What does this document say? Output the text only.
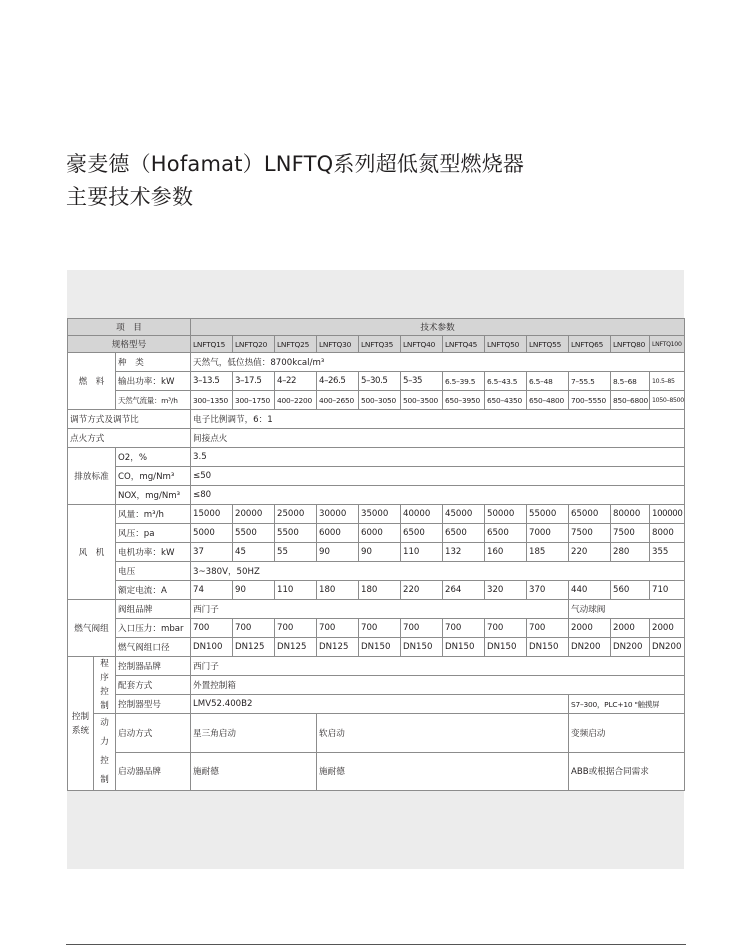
豪麦德（Hofamat）LNFTQ系列超低氮型燃烧器
主要技术参数
项　目			技术参数											
规格型号			LNFTQ15	LNFTQ20	LNFTQ25	LNFTQ30	LNFTQ35	LNFTQ40	LNFTQ45	LNFTQ50	LNFTQ55	LNFTQ65	LNFTQ80	LNFTQ100
燃　料		种　类	天然气，低位热值：8700kcal/m³											
		输出功率：kW	3–13.5	3–17.5	4–22	4–26.5	5–30.5	5–35	6.5–39.5	6.5–43.5	6.5–48	7–55.5	8.5–68	10.5–85
		天然气流量：m³/h	300–1350	300–1750	400–2200	400–2650	500–3050	500–3500	650–3950	650–4350	650–4800	700–5550	850–6800	1050–8500
调节方式及调节比			电子比例调节，6：1											
点火方式			间接点火											
排放标准		O2，%	3.5											
		CO，mg/Nm³	≤50											
		NOX，mg/Nm³	≤80											
风　机		风量：m³/h	15000	20000	25000	30000	35000	40000	45000	50000	55000	65000	80000	100000
		风压：pa	5000	5500	5500	6000	6000	6500	6500	6500	7000	7500	7500	8000
		电机功率：kW	37	45	55	90	90	110	132	160	185	220	280	355
		电压	3~380V，50HZ											
		额定电流：A	74	90	110	180	180	220	264	320	370	440	560	710
燃气阀组		阀组品牌	西门子									气动球阀		
		入口压力：mbar	700	700	700	700	700	700	700	700	700	2000	2000	2000
		燃气阀组口径	DN100	DN125	DN125	DN125	DN150	DN150	DN150	DN150	DN150	DN200	DN200	DN200
控制系统	程序控制	控制器品牌	西门子											
		配套方式	外置控制箱											
		控制器型号	LMV52.400B2									S7–300，PLC+10 "触摸屏		
	动力控制	启动方式	星三角启动			软启动						变频启动		
		启动器品牌	施耐德			施耐德						ABB或根据合同需求		
